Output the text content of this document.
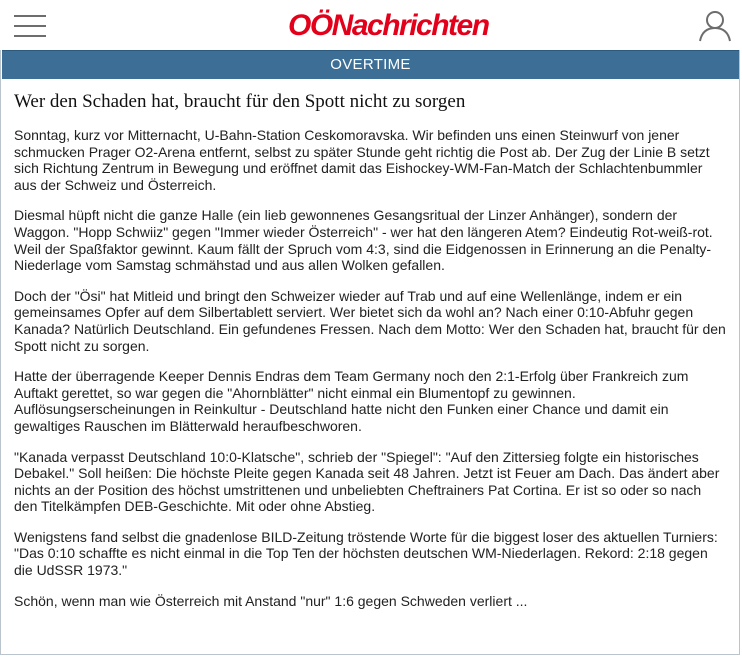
OÖNachrichten
OVERTIME
Wer den Schaden hat, braucht für den Spott nicht zu sorgen

Sonntag, kurz vor Mitternacht, U-Bahn-Station Ceskomoravska. Wir befinden uns einen Steinwurf von jener schmucken Prager O2-Arena entfernt, selbst zu später Stunde geht richtig die Post ab. Der Zug der Linie B setzt sich Richtung Zentrum in Bewegung und eröffnet damit das Eishockey-WM-Fan-Match der Schlachtenbummler aus der Schweiz und Österreich.

Diesmal hüpft nicht die ganze Halle (ein lieb gewonnenes Gesangsritual der Linzer Anhänger), sondern der Waggon. "Hopp Schwiiz" gegen "Immer wieder Österreich" - wer hat den längeren Atem? Eindeutig Rot-weiß-rot. Weil der Spaßfaktor gewinnt. Kaum fällt der Spruch vom 4:3, sind die Eidgenossen in Erinnerung an die Penalty-Niederlage vom Samstag schmähstad und aus allen Wolken gefallen.

Doch der "Ösi" hat Mitleid und bringt den Schweizer wieder auf Trab und auf eine Wellenlänge, indem er ein gemeinsames Opfer auf dem Silbertablett serviert. Wer bietet sich da wohl an? Nach einer 0:10-Abfuhr gegen Kanada? Natürlich Deutschland. Ein gefundenes Fressen. Nach dem Motto: Wer den Schaden hat, braucht für den Spott nicht zu sorgen.

Hatte der überragende Keeper Dennis Endras dem Team Germany noch den 2:1-Erfolg über Frankreich zum Auftakt gerettet, so war gegen die "Ahornblätter" nicht einmal ein Blumentopf zu gewinnen. Auflösungserscheinungen in Reinkultur - Deutschland hatte nicht den Funken einer Chance und damit ein gewaltiges Rauschen im Blätterwald heraufbeschworen.

"Kanada verpasst Deutschland 10:0-Klatsche", schrieb der "Spiegel": "Auf den Zittersieg folgte ein historisches Debakel." Soll heißen: Die höchste Pleite gegen Kanada seit 48 Jahren. Jetzt ist Feuer am Dach. Das ändert aber nichts an der Position des höchst umstrittenen und unbeliebten Cheftrainers Pat Cortina. Er ist so oder so nach den Titelkämpfen DEB-Geschichte. Mit oder ohne Abstieg.

Wenigstens fand selbst die gnadenlose BILD-Zeitung tröstende Worte für die biggest loser des aktuellen Turniers: "Das 0:10 schaffte es nicht einmal in die Top Ten der höchsten deutschen WM-Niederlagen. Rekord: 2:18 gegen die UdSSR 1973."

Schön, wenn man wie Österreich mit Anstand "nur" 1:6 gegen Schweden verliert ...
